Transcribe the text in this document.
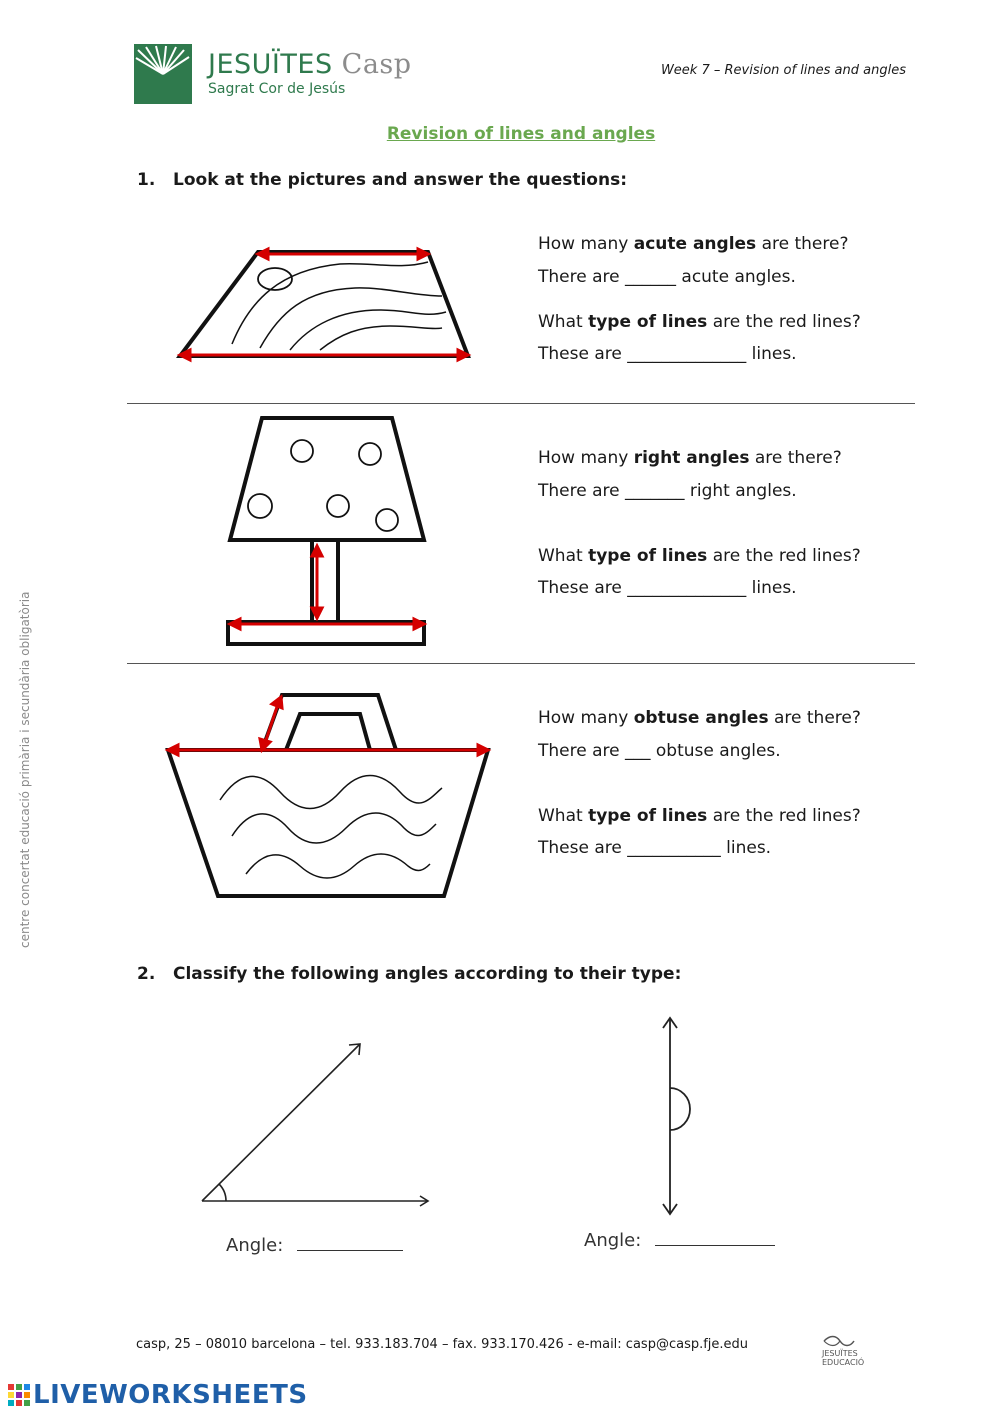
JESUÏTES Casp
Sagrat Cor de Jesús
Week 7 – Revision of lines and angles
Revision of lines and angles
1. Look at the pictures and answer the questions:
How many acute angles are there?
There are ______ acute angles.
What type of lines are the red lines?
These are ______________ lines.
How many right angles are there?
There are _______ right angles.
What type of lines are the red lines?
These are ______________ lines.
How many obtuse angles are there?
There are ___ obtuse angles.
What type of lines are the red lines?
These are ___________ lines.
centre concertat educació primària i secundària obligatòria
2. Classify the following angles according to their type:
Angle:	Angle:
casp, 25 – 08010 barcelona – tel. 933.183.704 – fax. 933.170.426 - e-mail: casp@casp.fje.edu
JESUÏTES
EDUCACIÓ
LIVEWORKSHEETS
